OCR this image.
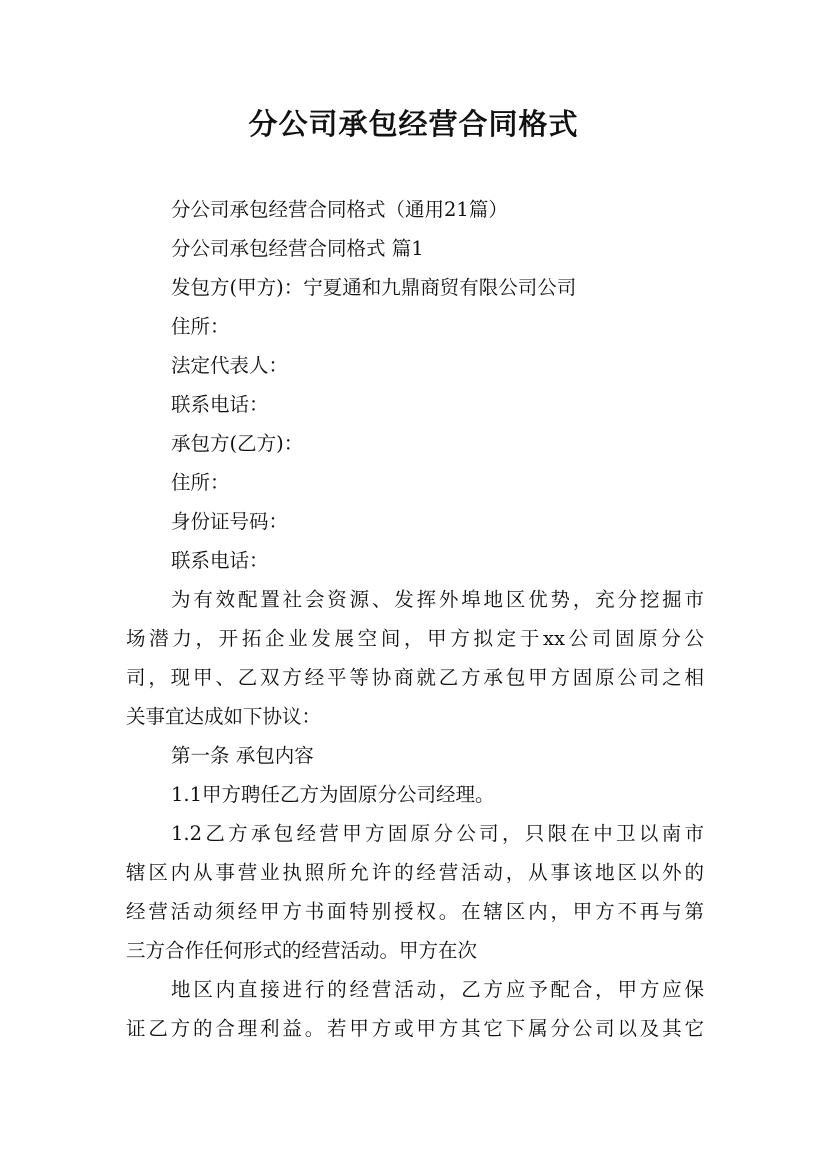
分公司承包经营合同格式
分公司承包经营合同格式（通用21篇）
分公司承包经营合同格式 篇1
发包方(甲方)：宁夏通和九鼎商贸有限公司公司
住所：
法定代表人：
联系电话：
承包方(乙方)：
住所：
身份证号码：
联系电话：
为有效配置社会资源、发挥外埠地区优势，充分挖掘市
场潜力，开拓企业发展空间，甲方拟定于xx公司固原分公
司，现甲、乙双方经平等协商就乙方承包甲方固原公司之相
关事宜达成如下协议：
第一条 承包内容
1.1甲方聘任乙方为固原分公司经理。
1.2乙方承包经营甲方固原分公司，只限在中卫以南市
辖区内从事营业执照所允许的经营活动，从事该地区以外的
经营活动须经甲方书面特别授权。在辖区内，甲方不再与第
三方合作任何形式的经营活动。甲方在次
地区内直接进行的经营活动，乙方应予配合，甲方应保
证乙方的合理利益。若甲方或甲方其它下属分公司以及其它
